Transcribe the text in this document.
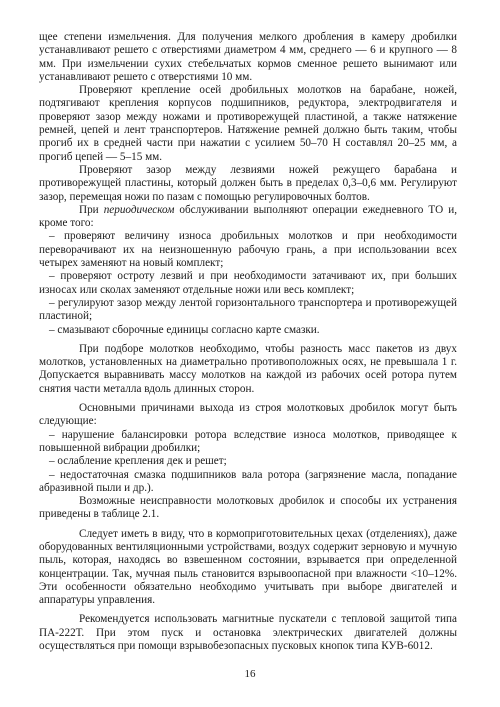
щее степени измельчения. Для получения мелкого дробления в камеру дробилки устанавливают решето с отверстиями диаметром 4 мм, среднего — 6 и крупного — 8 мм. При измельчении сухих стебельчатых кормов сменное решето вынимают или устанавливают решето с отверстиями 10 мм.

Проверяют крепление осей дробильных молотков на барабане, ножей, подтягивают крепления корпусов подшипников, редуктора, электродвигателя и проверяют зазор между ножами и противорежущей пластиной, а также натяжение ремней, цепей и лент транспортеров. Натяжение ремней должно быть таким, чтобы прогиб их в средней части при нажатии с усилием 50–70 Н составлял 20–25 мм, а прогиб цепей — 5–15 мм.

Проверяют зазор между лезвиями ножей режущего барабана и противорежущей пластины, который должен быть в пределах 0,3–0,6 мм. Регулируют зазор, перемещая ножи по пазам с помощью регулировочных болтов.

При периодическом обслуживании выполняют операции ежедневного ТО и, кроме того:

– проверяют величину износа дробильных молотков и при необходимости переворачивают их на неизношенную рабочую грань, а при использовании всех четырех заменяют на новый комплект;

– проверяют остроту лезвий и при необходимости затачивают их, при больших износах или сколах заменяют отдельные ножи или весь комплект;

– регулируют зазор между лентой горизонтального транспортера и противорежущей пластиной;

– смазывают сборочные единицы согласно карте смазки.

При подборе молотков необходимо, чтобы разность масс пакетов из двух молотков, установленных на диаметрально противоположных осях, не превышала 1 г. Допускается выравнивать массу молотков на каждой из рабочих осей ротора путем снятия части металла вдоль длинных сторон.

Основными причинами выхода из строя молотковых дробилок могут быть следующие:

– нарушение балансировки ротора вследствие износа молотков, приводящее к повышенной вибрации дробилки;

– ослабление крепления дек и решет;

– недостаточная смазка подшипников вала ротора (загрязнение масла, попадание абразивной пыли и др.).

Возможные неисправности молотковых дробилок и способы их устранения приведены в таблице 2.1.

Следует иметь в виду, что в кормоприготовительных цехах (отделениях), даже оборудованных вентиляционными устройствами, воздух содержит зерновую и мучную пыль, которая, находясь во взвешенном состоянии, взрывается при определенной концентрации. Так, мучная пыль становится взрывоопасной при влажности <10–12%. Эти особенности обязательно необходимо учитывать при выборе двигателей и аппаратуры управления.

Рекомендуется использовать магнитные пускатели с тепловой защитой типа ПА-222Т. При этом пуск и остановка электрических двигателей должны осуществляться при помощи взрывобезопасных пусковых кнопок типа КУВ-6012.

16
